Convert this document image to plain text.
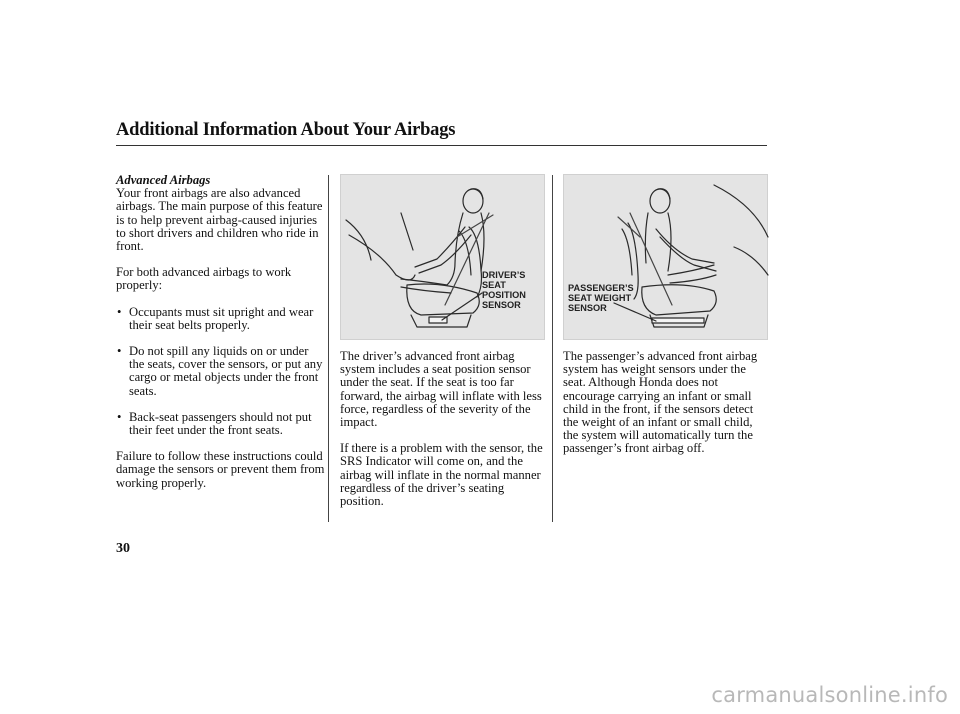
Additional Information About Your Airbags

Advanced Airbags

Your front airbags are also advanced airbags. The main purpose of this feature is to help prevent airbag-caused injuries to short drivers and children who ride in front.

For both advanced airbags to work properly:

• Occupants must sit upright and wear their seat belts properly.

• Do not spill any liquids on or under the seats, cover the sensors, or put any cargo or metal objects under the front seats.

• Back-seat passengers should not put their feet under the front seats.

Failure to follow these instructions could damage the sensors or prevent them from working properly.

DRIVER’S
SEAT
POSITION
SENSOR
PASSENGER’S
SEAT WEIGHT
SENSOR

The driver’s advanced front airbag system includes a seat position sensor under the seat. If the seat is too far forward, the airbag will inflate with less force, regardless of the severity of the impact.

If there is a problem with the sensor, the SRS Indicator will come on, and the airbag will inflate in the normal manner regardless of the driver’s seating position.

The passenger’s advanced front airbag system has weight sensors under the seat. Although Honda does not encourage carrying an infant or small child in the front, if the sensors detect the weight of an infant or small child, the system will automatically turn the passenger’s front airbag off.

30
carmanualsonline.info
